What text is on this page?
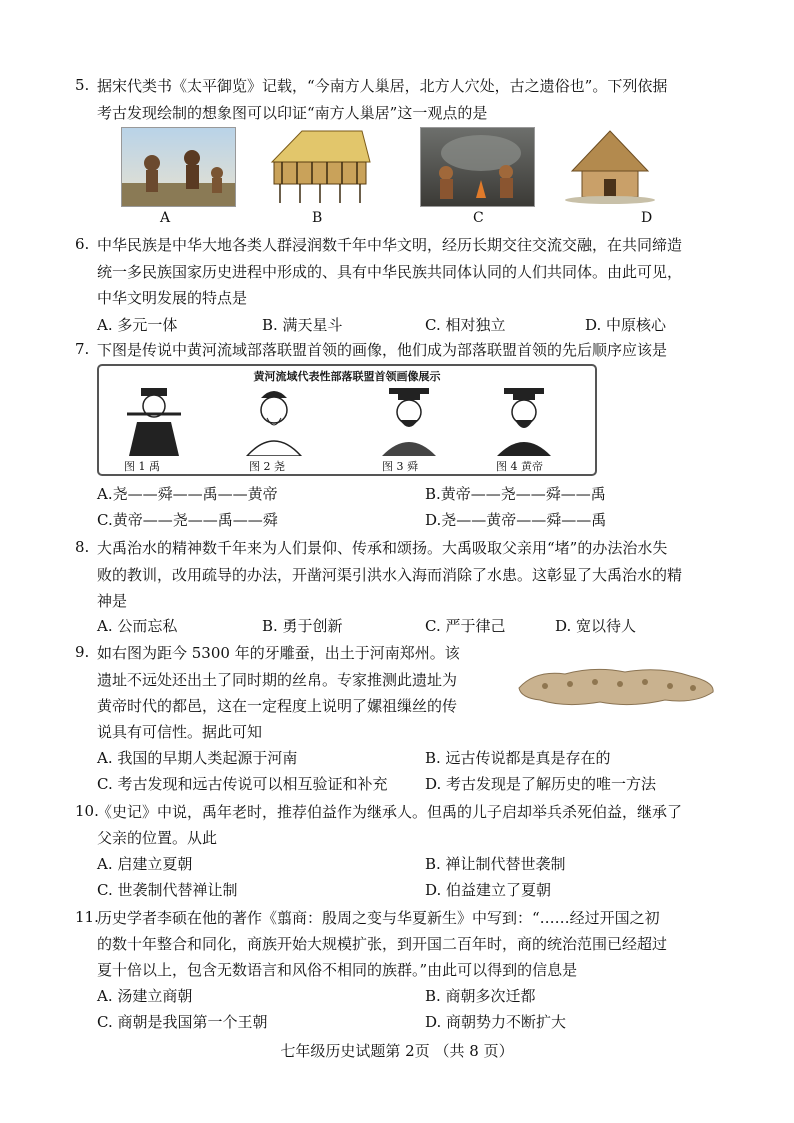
5. 据宋代类书《太平御览》记载，“今南方人巢居，北方人穴处，古之遗俗也”。下列依据
考古发现绘制的想象图可以印证“南方人巢居”这一观点的是
A	B	C	D
6. 中华民族是中华大地各类人群浸润数千年中华文明，经历长期交往交流交融，在共同缔造
统一多民族国家历史进程中形成的、具有中华民族共同体认同的人们共同体。由此可见，
中华文明发展的特点是
A. 多元一体	B. 满天星斗	C. 相对独立	D. 中原核心
7. 下图是传说中黄河流域部落联盟首领的画像，他们成为部落联盟首领的先后顺序应该是
黄河流域代表性部落联盟首领画像展示
图 1 禹	图 2 尧	图 3 舜	图 4 黄帝
A.尧——舜——禹——黄帝	B.黄帝——尧——舜——禹
C.黄帝——尧——禹——舜	D.尧——黄帝——舜——禹
8. 大禹治水的精神数千年来为人们景仰、传承和颂扬。大禹吸取父亲用“堵”的办法治水失
败的教训，改用疏导的办法，开凿河渠引洪水入海而消除了水患。这彰显了大禹治水的精
神是
A. 公而忘私	B. 勇于创新	C. 严于律己	D. 宽以待人
9. 如右图为距今 5300 年的牙雕蚕，出土于河南郑州。该
遗址不远处还出土了同时期的丝帛。专家推测此遗址为
黄帝时代的都邑，这在一定程度上说明了嫘祖缫丝的传
说具有可信性。据此可知
A. 我国的早期人类起源于河南	B. 远古传说都是真是存在的
C. 考古发现和远古传说可以相互验证和补充	D. 考古发现是了解历史的唯一方法
10.
《史记》中说，禹年老时，推荐伯益作为继承人。但禹的儿子启却举兵杀死伯益，继承了
父亲的位置。从此
A. 启建立夏朝	B. 禅让制代替世袭制
C. 世袭制代替禅让制	D. 伯益建立了夏朝
11.
历史学者李硕在他的著作《翦商：殷周之变与华夏新生》中写到：“……经过开国之初
的数十年整合和同化，商族开始大规模扩张，到开国二百年时，商的统治范围已经超过
夏十倍以上，包含无数语言和风俗不相同的族群。”由此可以得到的信息是
A. 汤建立商朝	B. 商朝多次迁都
C. 商朝是我国第一个王朝	D. 商朝势力不断扩大
七年级历史试题第 2页 （共 8 页）
